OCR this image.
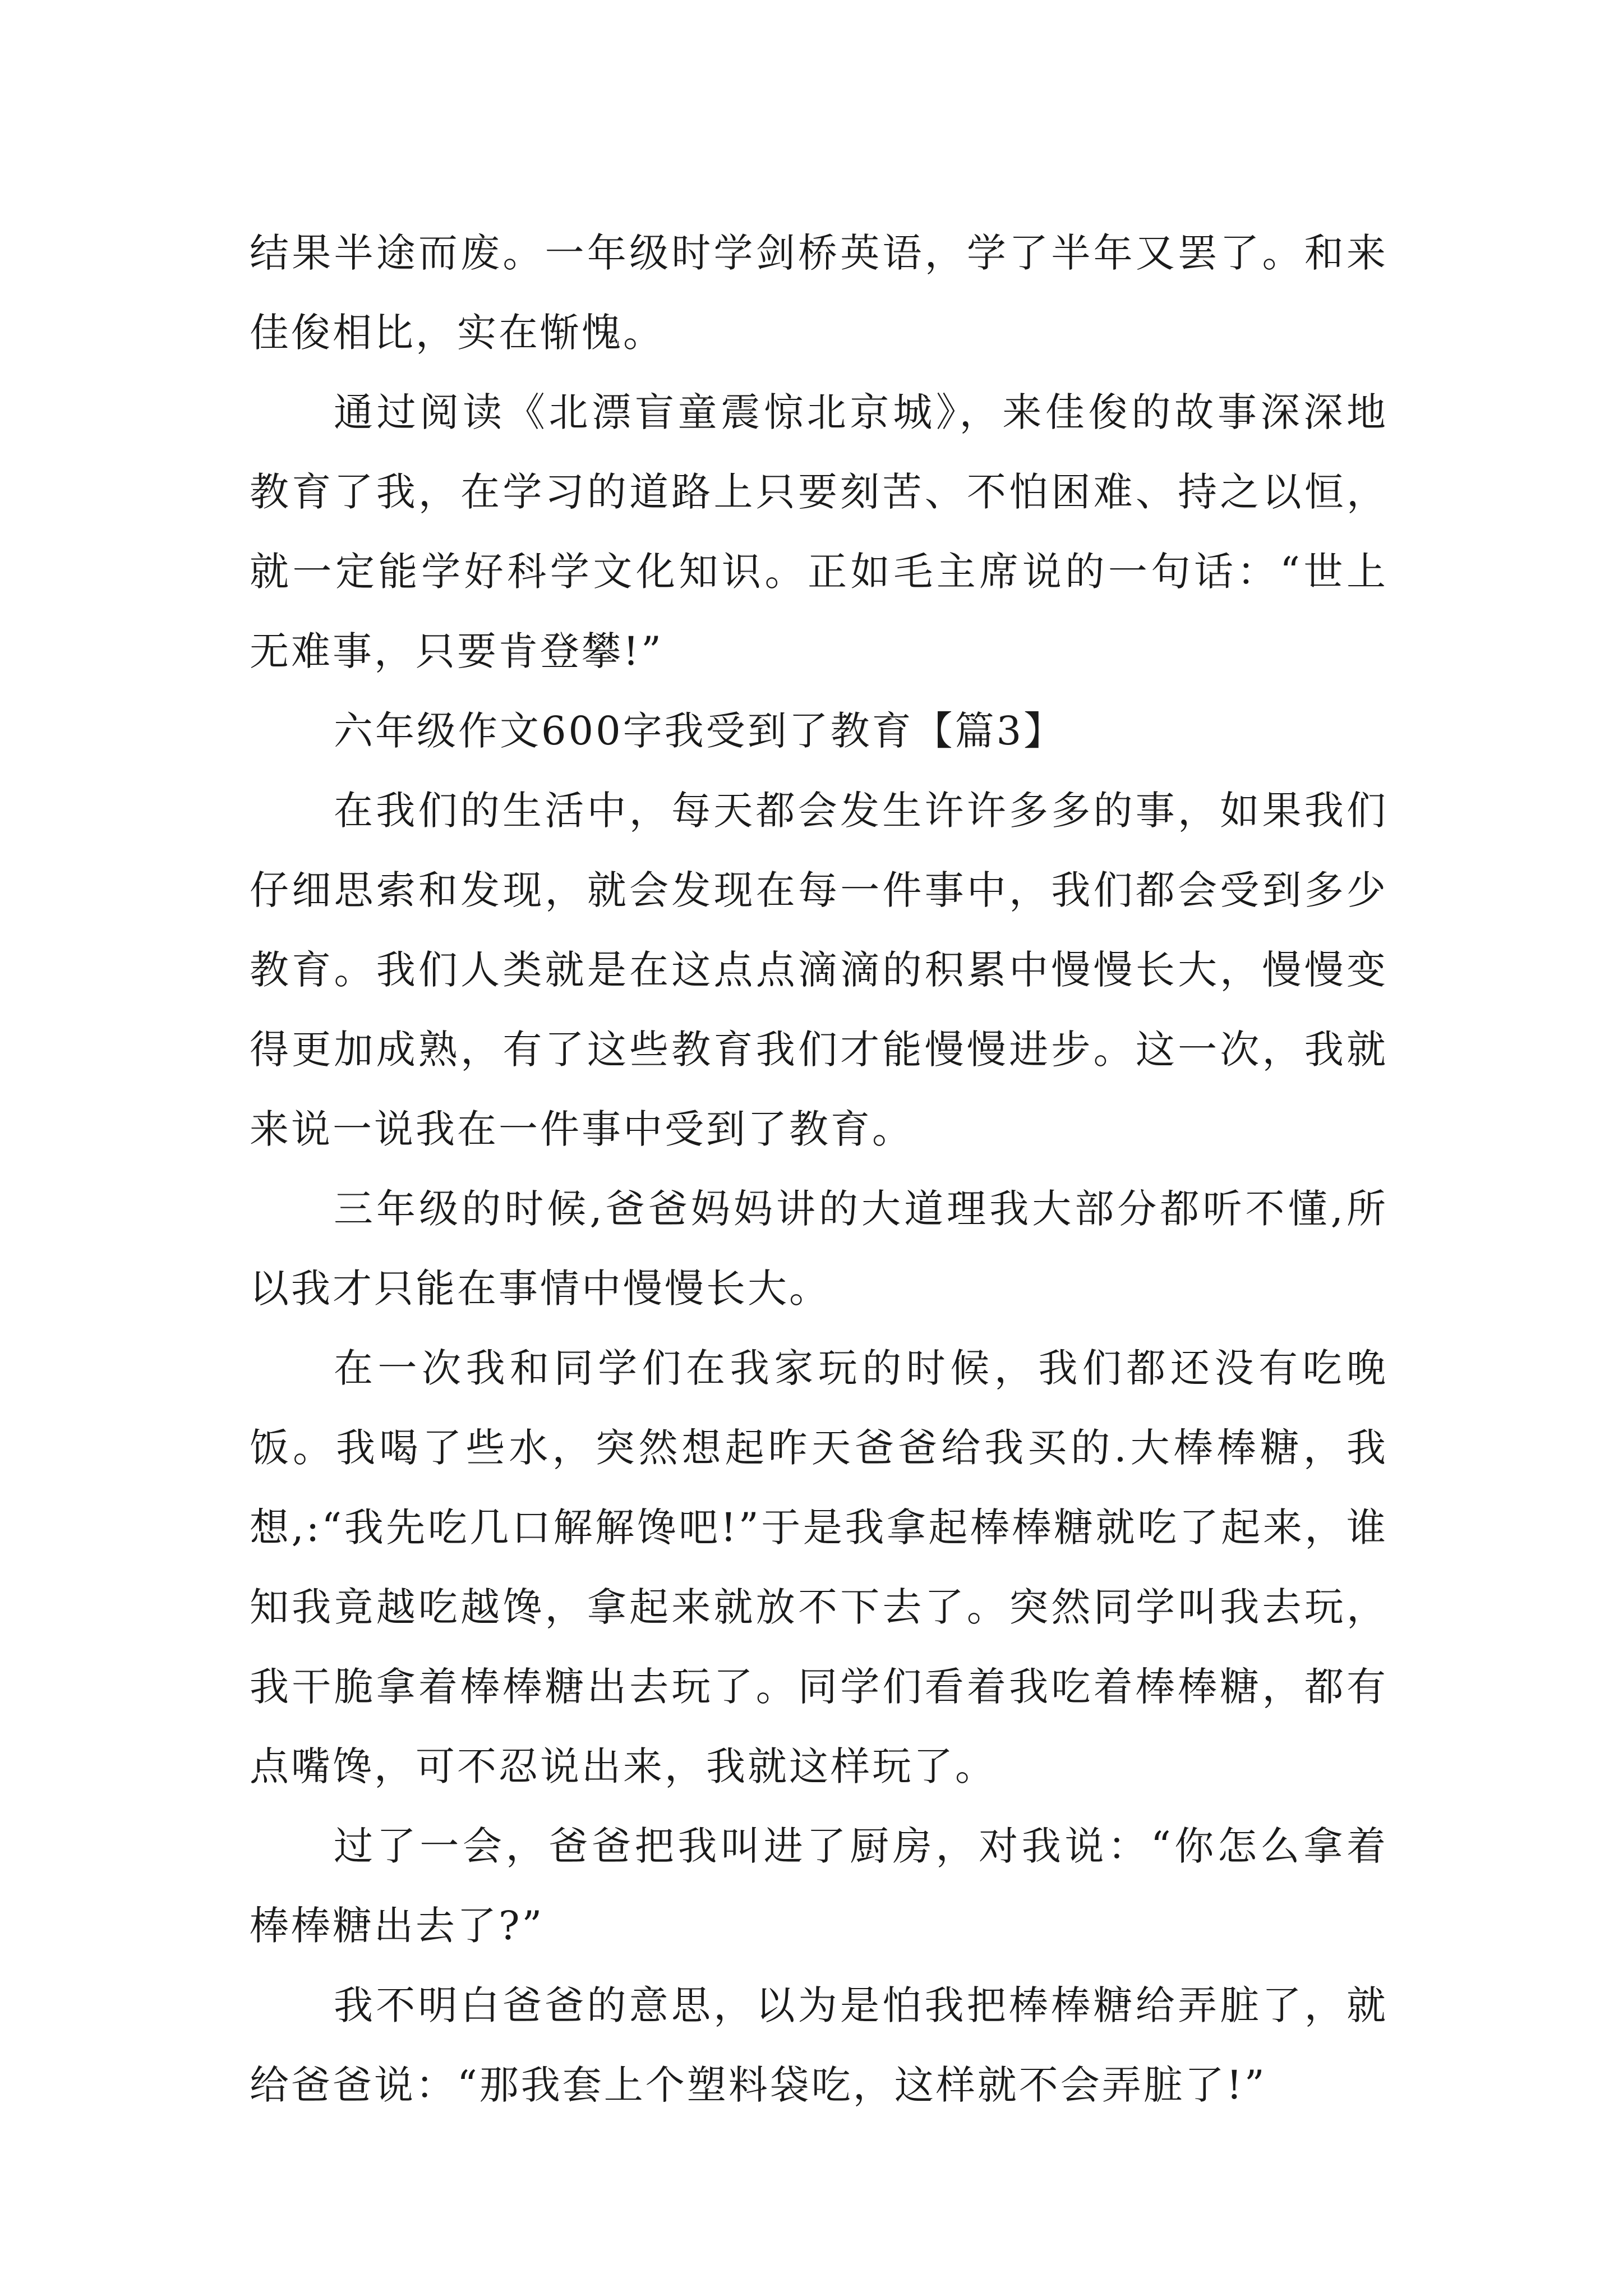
结果半途而废。一年级时学剑桥英语，学了半年又罢了。和来佳俊相比，实在惭愧。

通过阅读《北漂盲童震惊北京城》，来佳俊的故事深深地教育了我，在学习的道路上只要刻苦、不怕困难、持之以恒，就一定能学好科学文化知识。正如毛主席说的一句话：“世上无难事，只要肯登攀!”

六年级作文600字我受到了教育【篇3】

在我们的生活中，每天都会发生许许多多的事，如果我们仔细思索和发现，就会发现在每一件事中，我们都会受到多少教育。我们人类就是在这点点滴滴的积累中慢慢长大，慢慢变得更加成熟，有了这些教育我们才能慢慢进步。这一次，我就来说一说我在一件事中受到了教育。

三年级的时候,爸爸妈妈讲的大道理我大部分都听不懂,所以我才只能在事情中慢慢长大。

在一次我和同学们在我家玩的时候，我们都还没有吃晚饭。我喝了些水，突然想起昨天爸爸给我买的.大棒棒糖，我想,:“我先吃几口解解馋吧!”于是我拿起棒棒糖就吃了起来，谁知我竟越吃越馋，拿起来就放不下去了。突然同学叫我去玩，我干脆拿着棒棒糖出去玩了。同学们看着我吃着棒棒糖，都有点嘴馋，可不忍说出来，我就这样玩了。

过了一会，爸爸把我叫进了厨房，对我说：“你怎么拿着棒棒糖出去了?”

我不明白爸爸的意思，以为是怕我把棒棒糖给弄脏了，就给爸爸说：“那我套上个塑料袋吃，这样就不会弄脏了!”
